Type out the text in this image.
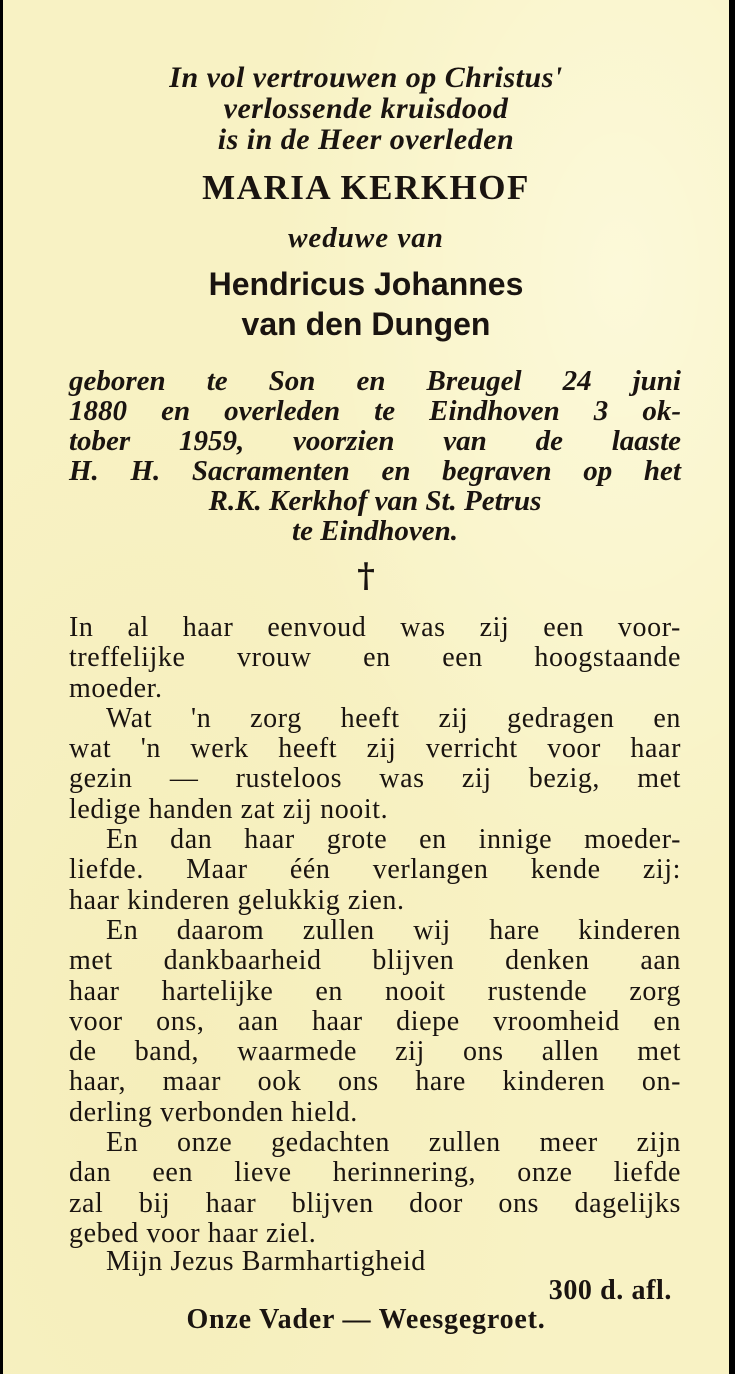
In vol vertrouwen op Christus'
verlossende kruisdood
is in de Heer overleden
MARIA KERKHOF
weduwe van
Hendricus Johannes
van den Dungen
geboren te Son en Breugel 24 juni
1880 en overleden te Eindhoven 3 ok-
tober 1959, voorzien van de laaste
H. H. Sacramenten en begraven op het
R.K. Kerkhof van St. Petrus
te Eindhoven.
†
In al haar eenvoud was zij een voor-
treffelijke vrouw en een hoogstaande
moeder.
Wat 'n zorg heeft zij gedragen en
wat 'n werk heeft zij verricht voor haar
gezin — rusteloos was zij bezig, met
ledige handen zat zij nooit.
En dan haar grote en innige moeder-
liefde. Maar één verlangen kende zij:
haar kinderen gelukkig zien.
En daarom zullen wij hare kinderen
met dankbaarheid blijven denken aan
haar hartelijke en nooit rustende zorg
voor ons, aan haar diepe vroomheid en
de band, waarmede zij ons allen met
haar, maar ook ons hare kinderen on-
derling verbonden hield.
En onze gedachten zullen meer zijn
dan een lieve herinnering, onze liefde
zal bij haar blijven door ons dagelijks
gebed voor haar ziel.
Mijn Jezus Barmhartigheid
300 d. afl.
Onze Vader — Weesgegroet.
